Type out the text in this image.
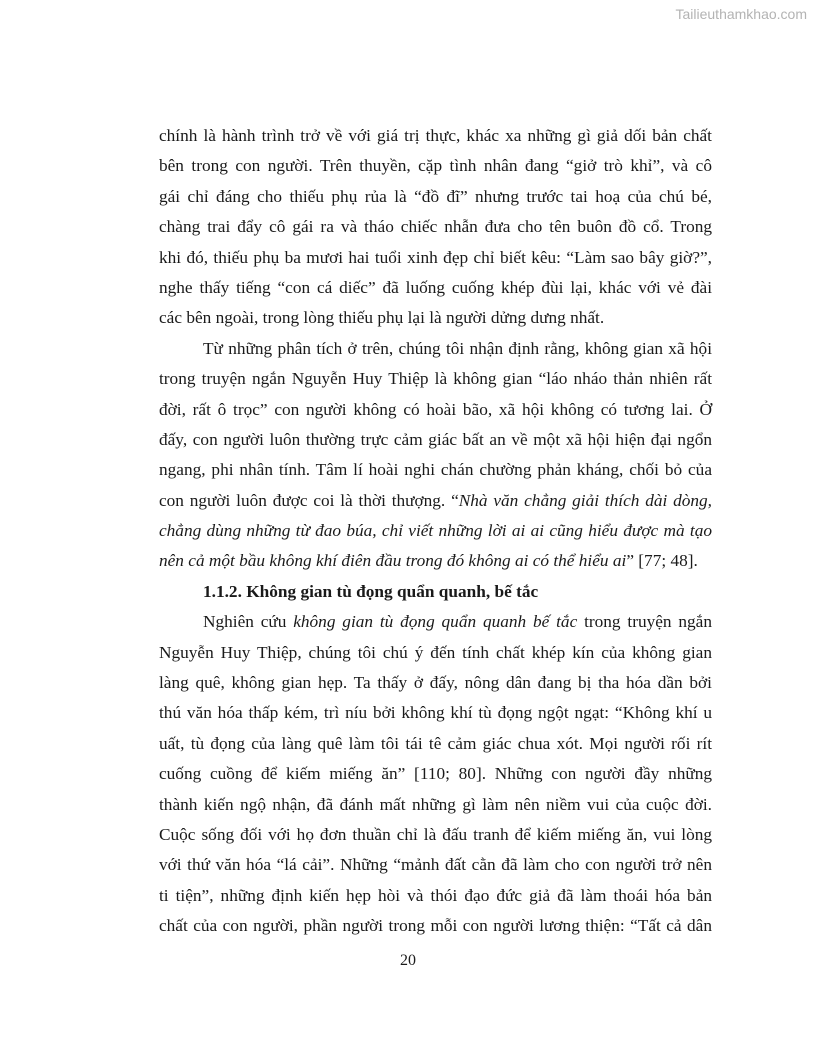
Tailieuthamkhao.com
chính là hành trình trở về với giá trị thực, khác xa những gì giả dối bản chất
bên trong con người. Trên thuyền, cặp tình nhân đang “giở trò khỉ”, và cô
gái chỉ đáng cho thiếu phụ rủa là “đồ đĩ” nhưng trước tai hoạ của chú bé,
chàng trai đẩy cô gái ra và tháo chiếc nhẫn đưa cho tên buôn đồ cổ. Trong
khi đó, thiếu phụ ba mươi hai tuổi xinh đẹp chỉ biết kêu: “Làm sao bây giờ?”,
nghe thấy tiếng “con cá diếc” đã luống cuống khép đùi lại, khác với vẻ đài
các bên ngoài, trong lòng thiếu phụ lại là người dửng dưng nhất.
Từ những phân tích ở trên, chúng tôi nhận định rằng, không gian xã hội
trong truyện ngắn Nguyễn Huy Thiệp là không gian “láo nháo thản nhiên rất
đời, rất ô trọc” con người không có hoài bão, xã hội không có tương lai. Ở
đấy, con người luôn thường trực cảm giác bất an về một xã hội hiện đại ngổn
ngang, phi nhân tính. Tâm lí hoài nghi chán chường phản kháng, chối bỏ của
con người luôn được coi là thời thượng. “Nhà văn chẳng giải thích dài dòng,
chẳng dùng những từ đao búa, chỉ viết những lời ai ai cũng hiểu được mà tạo
nên cả một bầu không khí điên đầu trong đó không ai có thể hiểu ai” [77; 48].
1.1.2. Không gian tù đọng quẩn quanh, bế tắc
Nghiên cứu không gian tù đọng quẩn quanh bế tắc trong truyện ngắn
Nguyễn Huy Thiệp, chúng tôi chú ý đến tính chất khép kín của không gian
làng quê, không gian hẹp. Ta thấy ở đấy, nông dân đang bị tha hóa dần bởi
thú văn hóa thấp kém, trì níu bởi không khí tù đọng ngột ngạt: “Không khí u
uất, tù đọng của làng quê làm tôi tái tê cảm giác chua xót. Mọi người rối rít
cuống cuồng để kiếm miếng ăn” [110; 80]. Những con người đầy những
thành kiến ngộ nhận, đã đánh mất những gì làm nên niềm vui của cuộc đời.
Cuộc sống đối với họ đơn thuần chỉ là đấu tranh để kiếm miếng ăn, vui lòng
với thứ văn hóa “lá cải”. Những “mảnh đất cằn đã làm cho con người trở nên
ti tiện”, những định kiến hẹp hòi và thói đạo đức giả đã làm thoái hóa bản
chất của con người, phần người trong mỗi con người lương thiện: “Tất cả dân
20
